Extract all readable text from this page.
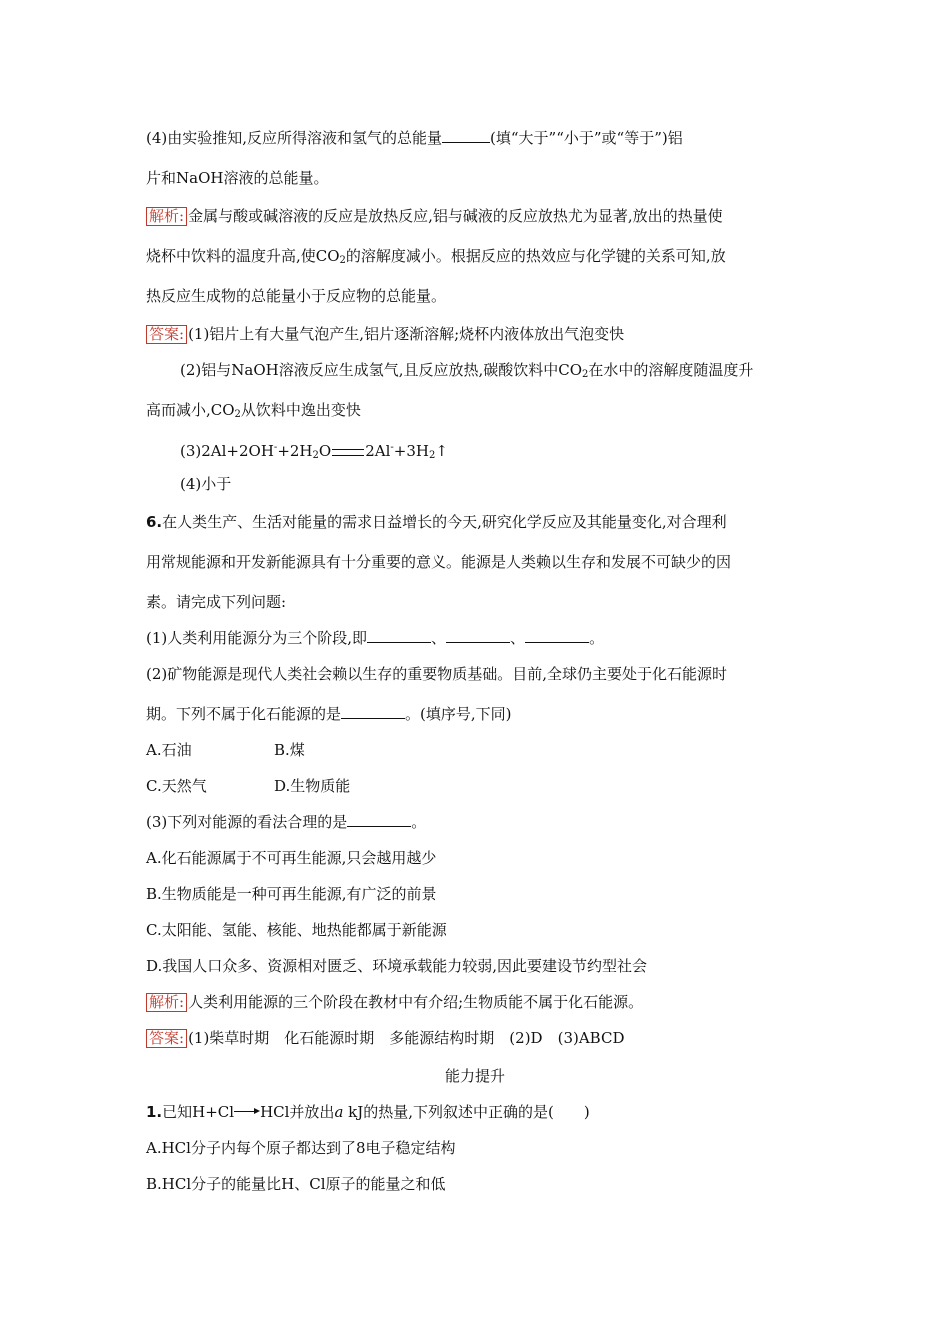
(4)由实验推知,反应所得溶液和氢气的总能量	(填“大于”“小于”或“等于”)铝
片和NaOH溶液的总能量。
解析: 金属与酸或碱溶液的反应是放热反应,铝与碱液的反应放热尤为显著,放出的热量使
烧杯中饮料的温度升高,使$CO_2$的溶解度减小。根据反应的热效应与化学键的关系可知,放
热反应生成物的总能量小于反应物的总能量。
答案: (1)铝片上有大量气泡产生,铝片逐渐溶解;烧杯内液体放出气泡变快
(2)铝与NaOH溶液反应生成氢气,且反应放热,碳酸饮料中$CO_2$在水中的溶解度随温度升
高而减小$,CO_2$从饮料中逸出变快
$(3)2Al+2OH^-+2H_2O$ $2Al^-+3H_2↑$
(4)小于
6.在人类生产、生活对能量的需求日益增长的今天,研究化学反应及其能量变化,对合理利
用常规能源和开发新能源具有十分重要的意义。能源是人类赖以生存和发展不可缺少的因
素。请完成下列问题:
(1)人类利用能源分为三个阶段,即	、	、	。
(2)矿物能源是现代人类社会赖以生存的重要物质基础。目前,全球仍主要处于化石能源时
期。下列不属于化石能源的是	。(填序号,下同)
A.石油	B.煤
C.天然气	D.生物质能
(3)下列对能源的看法合理的是	。
A.化石能源属于不可再生能源,只会越用越少
B.生物质能是一种可再生能源,有广泛的前景
C.太阳能、氢能、核能、地热能都属于新能源
D.我国人口众多、资源相对匮乏、环境承载能力较弱,因此要建设节约型社会
解析: 人类利用能源的三个阶段在教材中有介绍;生物质能不属于化石能源。
答案: (1)柴草时期　化石能源时期　多能源结构时期　(2)D　(3)ABCD
能力提升
1.已知H+Cl HCl并放出a kJ的热量,下列叙述中正确的是(　　)
A.HCl分子内每个原子都达到了8电子稳定结构
B.HCl分子的能量比H、Cl原子的能量之和低
